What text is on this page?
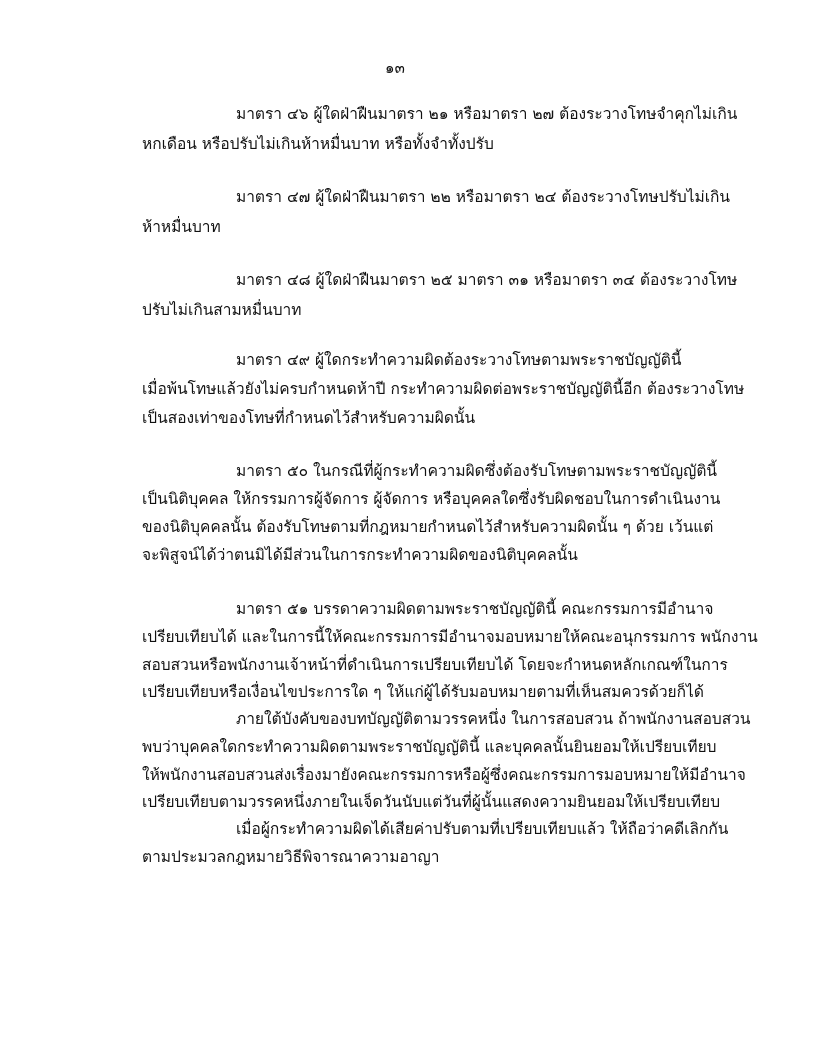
๑๓
มาตรา ๔๖ ผู้ใดฝ่าฝืนมาตรา ๒๑ หรือมาตรา ๒๗ ต้องระวางโทษจำคุกไม่เกิน
หกเดือน หรือปรับไม่เกินห้าหมื่นบาท หรือทั้งจำทั้งปรับ
มาตรา ๔๗ ผู้ใดฝ่าฝืนมาตรา ๒๒ หรือมาตรา ๒๔ ต้องระวางโทษปรับไม่เกิน
ห้าหมื่นบาท
มาตรา ๔๘ ผู้ใดฝ่าฝืนมาตรา ๒๕ มาตรา ๓๑ หรือมาตรา ๓๔ ต้องระวางโทษ
ปรับไม่เกินสามหมื่นบาท
มาตรา ๔๙ ผู้ใดกระทำความผิดต้องระวางโทษตามพระราชบัญญัตินี้
เมื่อพ้นโทษแล้วยังไม่ครบกำหนดห้าปี กระทำความผิดต่อพระราชบัญญัตินี้อีก ต้องระวางโทษ
เป็นสองเท่าของโทษที่กำหนดไว้สำหรับความผิดนั้น
มาตรา ๕๐ ในกรณีที่ผู้กระทำความผิดซึ่งต้องรับโทษตามพระราชบัญญัตินี้
เป็นนิติบุคคล ให้กรรมการผู้จัดการ ผู้จัดการ หรือบุคคลใดซึ่งรับผิดชอบในการดำเนินงาน
ของนิติบุคคลนั้น ต้องรับโทษตามที่กฎหมายกำหนดไว้สำหรับความผิดนั้น ๆ ด้วย เว้นแต่
จะพิสูจน์ได้ว่าตนมิได้มีส่วนในการกระทำความผิดของนิติบุคคลนั้น
มาตรา ๕๑ บรรดาความผิดตามพระราชบัญญัตินี้ คณะกรรมการมีอำนาจ
เปรียบเทียบได้ และในการนี้ให้คณะกรรมการมีอำนาจมอบหมายให้คณะอนุกรรมการ พนักงาน
สอบสวนหรือพนักงานเจ้าหน้าที่ดำเนินการเปรียบเทียบได้ โดยจะกำหนดหลักเกณฑ์ในการ
เปรียบเทียบหรือเงื่อนไขประการใด ๆ ให้แก่ผู้ได้รับมอบหมายตามที่เห็นสมควรด้วยก็ได้
ภายใต้บังคับของบทบัญญัติตามวรรคหนึ่ง ในการสอบสวน ถ้าพนักงานสอบสวน
พบว่าบุคคลใดกระทำความผิดตามพระราชบัญญัตินี้ และบุคคลนั้นยินยอมให้เปรียบเทียบ
ให้พนักงานสอบสวนส่งเรื่องมายังคณะกรรมการหรือผู้ซึ่งคณะกรรมการมอบหมายให้มีอำนาจ
เปรียบเทียบตามวรรคหนึ่งภายในเจ็ดวันนับแต่วันที่ผู้นั้นแสดงความยินยอมให้เปรียบเทียบ
เมื่อผู้กระทำความผิดได้เสียค่าปรับตามที่เปรียบเทียบแล้ว ให้ถือว่าคดีเลิกกัน
ตามประมวลกฎหมายวิธีพิจารณาความอาญา
